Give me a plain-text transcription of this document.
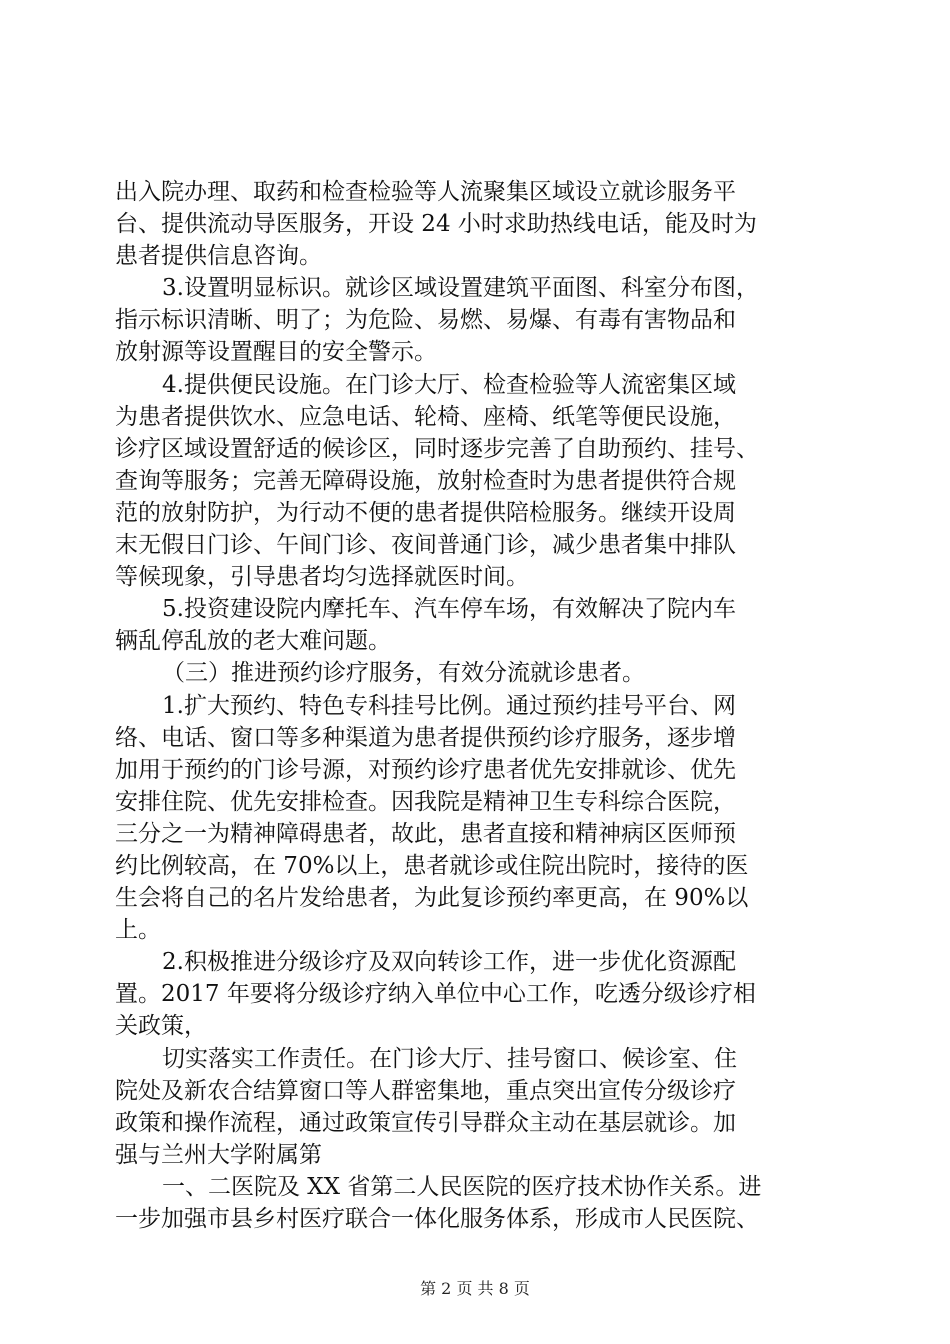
出入院办理、取药和检查检验等人流聚集区域设立就诊服务平
台、提供流动导医服务，开设 24 小时求助热线电话，能及时为
患者提供信息咨询。
3.设置明显标识。就诊区域设置建筑平面图、科室分布图，
指示标识清晰、明了；为危险、易燃、易爆、有毒有害物品和
放射源等设置醒目的安全警示。
4.提供便民设施。在门诊大厅、检查检验等人流密集区域
为患者提供饮水、应急电话、轮椅、座椅、纸笔等便民设施，
诊疗区域设置舒适的候诊区，同时逐步完善了自助预约、挂号、
查询等服务；完善无障碍设施，放射检查时为患者提供符合规
范的放射防护，为行动不便的患者提供陪检服务。继续开设周
末无假日门诊、午间门诊、夜间普通门诊，减少患者集中排队
等候现象，引导患者均匀选择就医时间。
5.投资建设院内摩托车、汽车停车场，有效解决了院内车
辆乱停乱放的老大难问题。
（三）推进预约诊疗服务，有效分流就诊患者。
1.扩大预约、特色专科挂号比例。通过预约挂号平台、网
络、电话、窗口等多种渠道为患者提供预约诊疗服务，逐步增
加用于预约的门诊号源，对预约诊疗患者优先安排就诊、优先
安排住院、优先安排检查。因我院是精神卫生专科综合医院，
三分之一为精神障碍患者，故此，患者直接和精神病区医师预
约比例较高，在 70%以上，患者就诊或住院出院时，接待的医
生会将自己的名片发给患者，为此复诊预约率更高，在 90%以
上。
2.积极推进分级诊疗及双向转诊工作，进一步优化资源配
置。2017 年要将分级诊疗纳入单位中心工作，吃透分级诊疗相
关政策，
切实落实工作责任。在门诊大厅、挂号窗口、候诊室、住
院处及新农合结算窗口等人群密集地，重点突出宣传分级诊疗
政策和操作流程，通过政策宣传引导群众主动在基层就诊。加
强与兰州大学附属第
一、二医院及 XX 省第二人民医院的医疗技术协作关系。进
一步加强市县乡村医疗联合一体化服务体系，形成市人民医院、
第 2 页 共 8 页
